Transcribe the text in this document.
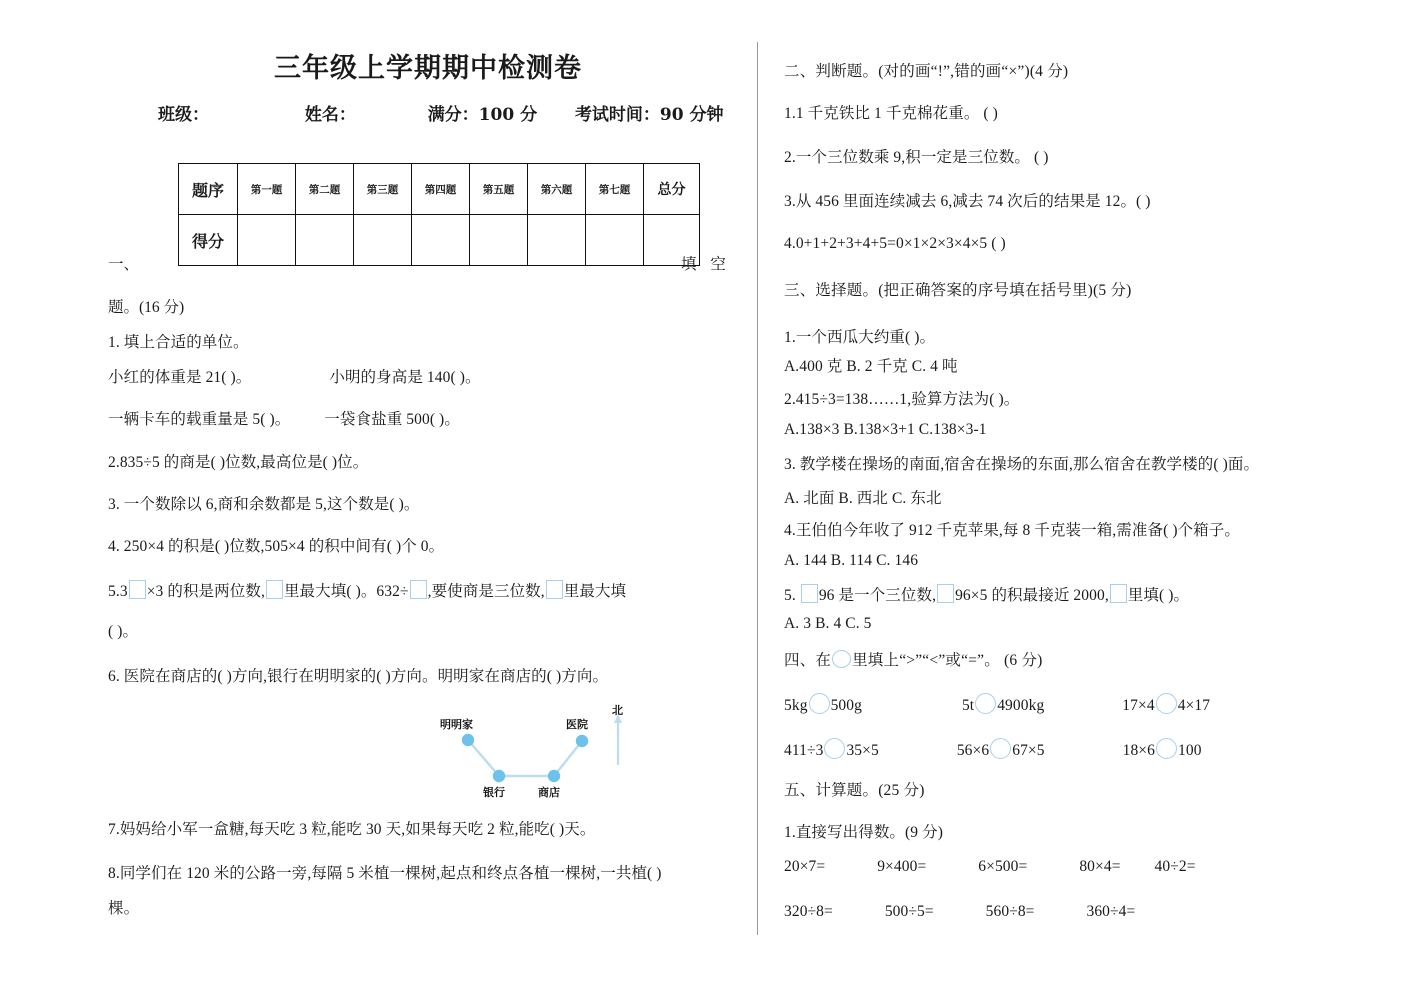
三年级上学期期中检测卷
班级：	姓名：	满分：100 分 考试时间：90 分钟
题序	第一题	第二题	第三题	第四题	第五题	第六题	第七题	总分
得分								
一、	填 空
题。(16 分)
1. 填上合适的单位。
小红的体重是 21( )。	小明的身高是 140( )。
一辆卡车的载重量是 5( )。 一袋食盐重 500( )。
2.835÷5 的商是( )位数,最高位是( )位。
3. 一个数除以 6,商和余数都是 5,这个数是( )。
4. 250×4 的积是( )位数,505×4 的积中间有( )个 0。
5.3 ×3 的积是两位数, 里最大填( )。632÷ ,要使商是三位数, 里最大填
( )。
6. 医院在商店的( )方向,银行在明明家的( )方向。明明家在商店的( )方向。
明明家	医院
银行	商店
北
7.妈妈给小军一盒糖,每天吃 3 粒,能吃 30 天,如果每天吃 2 粒,能吃( )天。
8.同学们在 120 米的公路一旁,每隔 5 米植一棵树,起点和终点各植一棵树,一共植( )
棵。
二、判断题。(对的画“!”,错的画“×”)(4 分)
1.1 千克铁比 1 千克棉花重。 ( )
2.一个三位数乘 9,积一定是三位数。 ( )
3.从 456 里面连续减去 6,减去 74 次后的结果是 12。( )
4.0+1+2+3+4+5=0×1×2×3×4×5 ( )
三、选择题。(把正确答案的序号填在括号里)(5 分)
1.一个西瓜大约重( )。
A.400 克 B. 2 千克 C. 4 吨
2.415÷3=138……1,验算方法为( )。
A.138×3 B.138×3+1 C.138×3-1
3. 教学楼在操场的南面,宿舍在操场的东面,那么宿舍在教学楼的( )面。
A. 北面 B. 西北 C. 东北
4.王伯伯今年收了 912 千克苹果,每 8 千克装一箱,需准备( )个箱子。
A. 144 B. 114 C. 146
5. 96 是一个三位数, 96×5 的积最接近 2000, 里填( )。
A. 3 B. 4 C. 5
四、在 里填上“>”“<”或“=”。 (6 分)
5kg 500g	5t 4900kg	17×4 4×17
411÷3 35×5	56×6 67×5	18×6 100
五、计算题。(25 分)
1.直接写出得数。(9 分)
20×7=	9×400=	6×500=	80×4= 40÷2=
320÷8=	500÷5=	560÷8=	360÷4=
